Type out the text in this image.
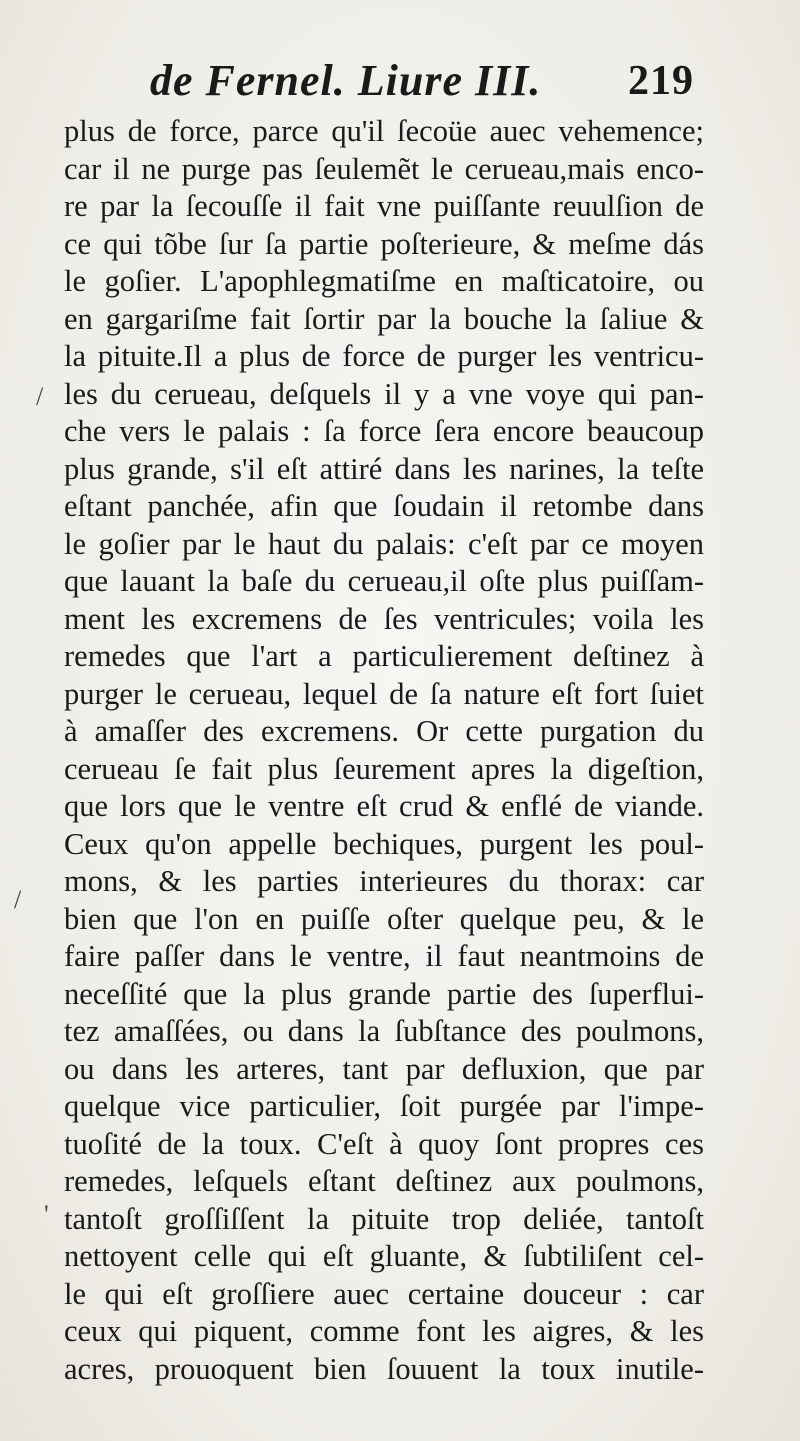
de Fernel. Liure III. 219
plus de force, parce qu'il ſecoüe auec vehemence;
car il ne purge pas ſeulemẽt le cerueau,mais enco-
re par la ſecouſſe il fait vne puiſſante reuulſion de
ce qui tõbe ſur ſa partie poſterieure, & meſme dás
le goſier. L'apophlegmatiſme en maſticatoire, ou
en gargariſme fait ſortir par la bouche la ſaliue &
la pituite.Il a plus de force de purger les ventricu-
les du cerueau, deſquels il y a vne voye qui pan-
che vers le palais : ſa force ſera encore beaucoup
plus grande, s'il eſt attiré dans les narines, la teſte
eſtant panchée, afin que ſoudain il retombe dans
le goſier par le haut du palais: c'eſt par ce moyen
que lauant la baſe du cerueau,il oſte plus puiſſam-
ment les excremens de ſes ventricules; voila les
remedes que l'art a particulierement deſtinez à
purger le cerueau, lequel de ſa nature eſt fort ſuiet
à amaſſer des excremens. Or cette purgation du
cerueau ſe fait plus ſeurement apres la digeſtion,
que lors que le ventre eſt crud & enflé de viande.
Ceux qu'on appelle bechiques, purgent les poul-
mons, & les parties interieures du thorax: car
bien que l'on en puiſſe oſter quelque peu, & le
faire paſſer dans le ventre, il faut neantmoins de
neceſſité que la plus grande partie des ſuperfluі-
tez amaſſées, ou dans la ſubſtance des poulmons,
ou dans les arteres, tant par defluxion, que par
quelque vice particulier, ſoit purgée par l'impe-
tuoſité de la toux. C'eſt à quoy ſont propres ces
remedes, leſquels eſtant deſtinez aux poulmons,
tantoſt groſſiſſent la pituite trop deliée, tantoſt
nettoyent celle qui eſt gluante, & ſubtiliſent cel-
le qui eſt groſſiere auec certaine douceur : car
ceux qui piquent, comme font les aigres, & les
acres, prouoquent bien ſouuent la toux inutile-
/
/
'
